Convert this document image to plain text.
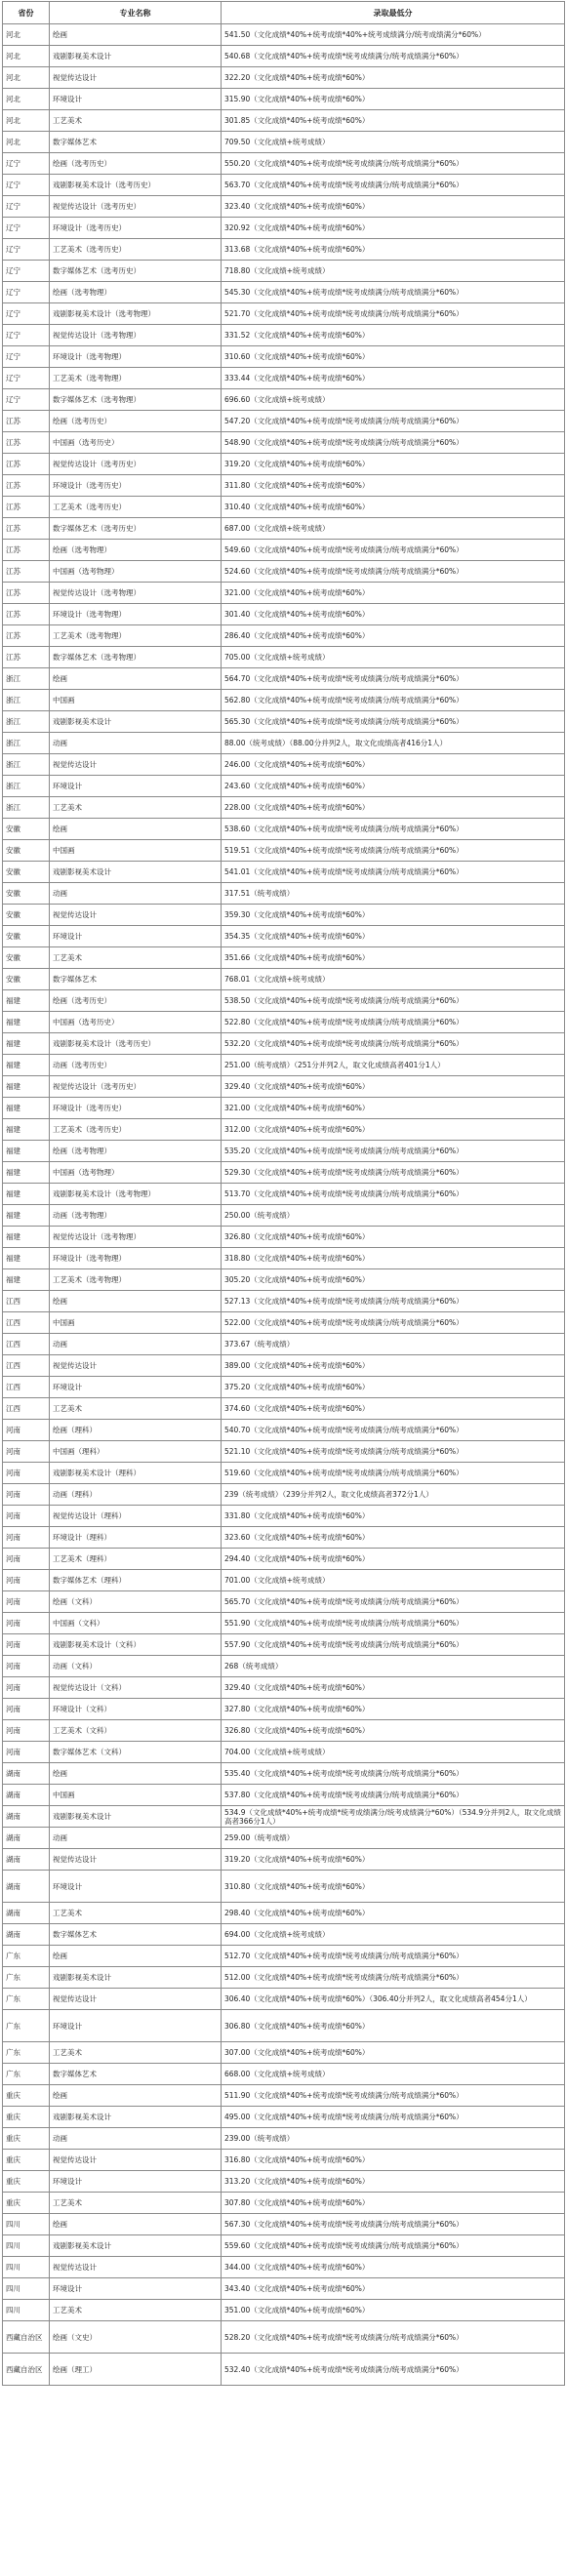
省份	专业名称	录取最低分
河北	绘画	541.50（文化成绩*40%+统考成绩*40%+统考成绩满分/统考成绩满分*60%）
河北	戏剧影视美术设计	540.68（文化成绩*40%+统考成绩*统考成绩满分/统考成绩满分*60%）
河北	视觉传达设计	322.20（文化成绩*40%+统考成绩*60%）
河北	环境设计	315.90（文化成绩*40%+统考成绩*60%）
河北	工艺美术	301.85（文化成绩*40%+统考成绩*60%）
河北	数字媒体艺术	709.50（文化成绩+统考成绩）
辽宁	绘画（选考历史）	550.20（文化成绩*40%+统考成绩*统考成绩满分/统考成绩满分*60%）
辽宁	戏剧影视美术设计（选考历史）	563.70（文化成绩*40%+统考成绩*统考成绩满分/统考成绩满分*60%）
辽宁	视觉传达设计（选考历史）	323.40（文化成绩*40%+统考成绩*60%）
辽宁	环境设计（选考历史）	320.92（文化成绩*40%+统考成绩*60%）
辽宁	工艺美术（选考历史）	313.68（文化成绩*40%+统考成绩*60%）
辽宁	数字媒体艺术（选考历史）	718.80（文化成绩+统考成绩）
辽宁	绘画（选考物理）	545.30（文化成绩*40%+统考成绩*统考成绩满分/统考成绩满分*60%）
辽宁	戏剧影视美术设计（选考物理）	521.70（文化成绩*40%+统考成绩*统考成绩满分/统考成绩满分*60%）
辽宁	视觉传达设计（选考物理）	331.52（文化成绩*40%+统考成绩*60%）
辽宁	环境设计（选考物理）	310.60（文化成绩*40%+统考成绩*60%）
辽宁	工艺美术（选考物理）	333.44（文化成绩*40%+统考成绩*60%）
辽宁	数字媒体艺术（选考物理）	696.60（文化成绩+统考成绩）
江苏	绘画（选考历史）	547.20（文化成绩*40%+统考成绩*统考成绩满分/统考成绩满分*60%）
江苏	中国画（选考历史）	548.90（文化成绩*40%+统考成绩*统考成绩满分/统考成绩满分*60%）
江苏	视觉传达设计（选考历史）	319.20（文化成绩*40%+统考成绩*60%）
江苏	环境设计（选考历史）	311.80（文化成绩*40%+统考成绩*60%）
江苏	工艺美术（选考历史）	310.40（文化成绩*40%+统考成绩*60%）
江苏	数字媒体艺术（选考历史）	687.00（文化成绩+统考成绩）
江苏	绘画（选考物理）	549.60（文化成绩*40%+统考成绩*统考成绩满分/统考成绩满分*60%）
江苏	中国画（选考物理）	524.60（文化成绩*40%+统考成绩*统考成绩满分/统考成绩满分*60%）
江苏	视觉传达设计（选考物理）	321.00（文化成绩*40%+统考成绩*60%）
江苏	环境设计（选考物理）	301.40（文化成绩*40%+统考成绩*60%）
江苏	工艺美术（选考物理）	286.40（文化成绩*40%+统考成绩*60%）
江苏	数字媒体艺术（选考物理）	705.00（文化成绩+统考成绩）
浙江	绘画	564.70（文化成绩*40%+统考成绩*统考成绩满分/统考成绩满分*60%）
浙江	中国画	562.80（文化成绩*40%+统考成绩*统考成绩满分/统考成绩满分*60%）
浙江	戏剧影视美术设计	565.30（文化成绩*40%+统考成绩*统考成绩满分/统考成绩满分*60%）
浙江	动画	88.00（统考成绩）（88.00分并列2人，取文化成绩高者416分1人）
浙江	视觉传达设计	246.00（文化成绩*40%+统考成绩*60%）
浙江	环境设计	243.60（文化成绩*40%+统考成绩*60%）
浙江	工艺美术	228.00（文化成绩*40%+统考成绩*60%）
安徽	绘画	538.60（文化成绩*40%+统考成绩*统考成绩满分/统考成绩满分*60%）
安徽	中国画	519.51（文化成绩*40%+统考成绩*统考成绩满分/统考成绩满分*60%）
安徽	戏剧影视美术设计	541.01（文化成绩*40%+统考成绩*统考成绩满分/统考成绩满分*60%）
安徽	动画	317.51（统考成绩）
安徽	视觉传达设计	359.30（文化成绩*40%+统考成绩*60%）
安徽	环境设计	354.35（文化成绩*40%+统考成绩*60%）
安徽	工艺美术	351.66（文化成绩*40%+统考成绩*60%）
安徽	数字媒体艺术	768.01（文化成绩+统考成绩）
福建	绘画（选考历史）	538.50（文化成绩*40%+统考成绩*统考成绩满分/统考成绩满分*60%）
福建	中国画（选考历史）	522.80（文化成绩*40%+统考成绩*统考成绩满分/统考成绩满分*60%）
福建	戏剧影视美术设计（选考历史）	532.20（文化成绩*40%+统考成绩*统考成绩满分/统考成绩满分*60%）
福建	动画（选考历史）	251.00（统考成绩）（251分并列2人，取文化成绩高者401分1人）
福建	视觉传达设计（选考历史）	329.40（文化成绩*40%+统考成绩*60%）
福建	环境设计（选考历史）	321.00（文化成绩*40%+统考成绩*60%）
福建	工艺美术（选考历史）	312.00（文化成绩*40%+统考成绩*60%）
福建	绘画（选考物理）	535.20（文化成绩*40%+统考成绩*统考成绩满分/统考成绩满分*60%）
福建	中国画（选考物理）	529.30（文化成绩*40%+统考成绩*统考成绩满分/统考成绩满分*60%）
福建	戏剧影视美术设计（选考物理）	513.70（文化成绩*40%+统考成绩*统考成绩满分/统考成绩满分*60%）
福建	动画（选考物理）	250.00（统考成绩）
福建	视觉传达设计（选考物理）	326.80（文化成绩*40%+统考成绩*60%）
福建	环境设计（选考物理）	318.80（文化成绩*40%+统考成绩*60%）
福建	工艺美术（选考物理）	305.20（文化成绩*40%+统考成绩*60%）
江西	绘画	527.13（文化成绩*40%+统考成绩*统考成绩满分/统考成绩满分*60%）
江西	中国画	522.00（文化成绩*40%+统考成绩*统考成绩满分/统考成绩满分*60%）
江西	动画	373.67（统考成绩）
江西	视觉传达设计	389.00（文化成绩*40%+统考成绩*60%）
江西	环境设计	375.20（文化成绩*40%+统考成绩*60%）
江西	工艺美术	374.60（文化成绩*40%+统考成绩*60%）
河南	绘画（理科）	540.70（文化成绩*40%+统考成绩*统考成绩满分/统考成绩满分*60%）
河南	中国画（理科）	521.10（文化成绩*40%+统考成绩*统考成绩满分/统考成绩满分*60%）
河南	戏剧影视美术设计（理科）	519.60（文化成绩*40%+统考成绩*统考成绩满分/统考成绩满分*60%）
河南	动画（理科）	239（统考成绩）（239分并列2人，取文化成绩高者372分1人）
河南	视觉传达设计（理科）	331.80（文化成绩*40%+统考成绩*60%）
河南	环境设计（理科）	323.60（文化成绩*40%+统考成绩*60%）
河南	工艺美术（理科）	294.40（文化成绩*40%+统考成绩*60%）
河南	数字媒体艺术（理科）	701.00（文化成绩+统考成绩）
河南	绘画（文科）	565.70（文化成绩*40%+统考成绩*统考成绩满分/统考成绩满分*60%）
河南	中国画（文科）	551.90（文化成绩*40%+统考成绩*统考成绩满分/统考成绩满分*60%）
河南	戏剧影视美术设计（文科）	557.90（文化成绩*40%+统考成绩*统考成绩满分/统考成绩满分*60%）
河南	动画（文科）	268（统考成绩）
河南	视觉传达设计（文科）	329.40（文化成绩*40%+统考成绩*60%）
河南	环境设计（文科）	327.80（文化成绩*40%+统考成绩*60%）
河南	工艺美术（文科）	326.80（文化成绩*40%+统考成绩*60%）
河南	数字媒体艺术（文科）	704.00（文化成绩+统考成绩）
湖南	绘画	535.40（文化成绩*40%+统考成绩*统考成绩满分/统考成绩满分*60%）
湖南	中国画	537.80（文化成绩*40%+统考成绩*统考成绩满分/统考成绩满分*60%）
湖南	戏剧影视美术设计	534.9（文化成绩*40%+统考成绩*统考成绩满分/统考成绩满分*60%）（534.9分并列2人，取文化成绩高者366分1人）
湖南	动画	259.00（统考成绩）
湖南	视觉传达设计	319.20（文化成绩*40%+统考成绩*60%）
湖南	环境设计	310.80（文化成绩*40%+统考成绩*60%）
湖南	工艺美术	298.40（文化成绩*40%+统考成绩*60%）
湖南	数字媒体艺术	694.00（文化成绩+统考成绩）
广东	绘画	512.70（文化成绩*40%+统考成绩*统考成绩满分/统考成绩满分*60%）
广东	戏剧影视美术设计	512.00（文化成绩*40%+统考成绩*统考成绩满分/统考成绩满分*60%）
广东	视觉传达设计	306.40（文化成绩*40%+统考成绩*60%）（306.40分并列2人，取文化成绩高者454分1人）
广东	环境设计	306.80（文化成绩*40%+统考成绩*60%）
广东	工艺美术	307.00（文化成绩*40%+统考成绩*60%）
广东	数字媒体艺术	668.00（文化成绩+统考成绩）
重庆	绘画	511.90（文化成绩*40%+统考成绩*统考成绩满分/统考成绩满分*60%）
重庆	戏剧影视美术设计	495.00（文化成绩*40%+统考成绩*统考成绩满分/统考成绩满分*60%）
重庆	动画	239.00（统考成绩）
重庆	视觉传达设计	316.80（文化成绩*40%+统考成绩*60%）
重庆	环境设计	313.20（文化成绩*40%+统考成绩*60%）
重庆	工艺美术	307.80（文化成绩*40%+统考成绩*60%）
四川	绘画	567.30（文化成绩*40%+统考成绩*统考成绩满分/统考成绩满分*60%）
四川	戏剧影视美术设计	559.60（文化成绩*40%+统考成绩*统考成绩满分/统考成绩满分*60%）
四川	视觉传达设计	344.00（文化成绩*40%+统考成绩*60%）
四川	环境设计	343.40（文化成绩*40%+统考成绩*60%）
四川	工艺美术	351.00（文化成绩*40%+统考成绩*60%）
西藏自治区	绘画（文史）	528.20（文化成绩*40%+统考成绩*统考成绩满分/统考成绩满分*60%）
西藏自治区	绘画（理工）	532.40（文化成绩*40%+统考成绩*统考成绩满分/统考成绩满分*60%）
